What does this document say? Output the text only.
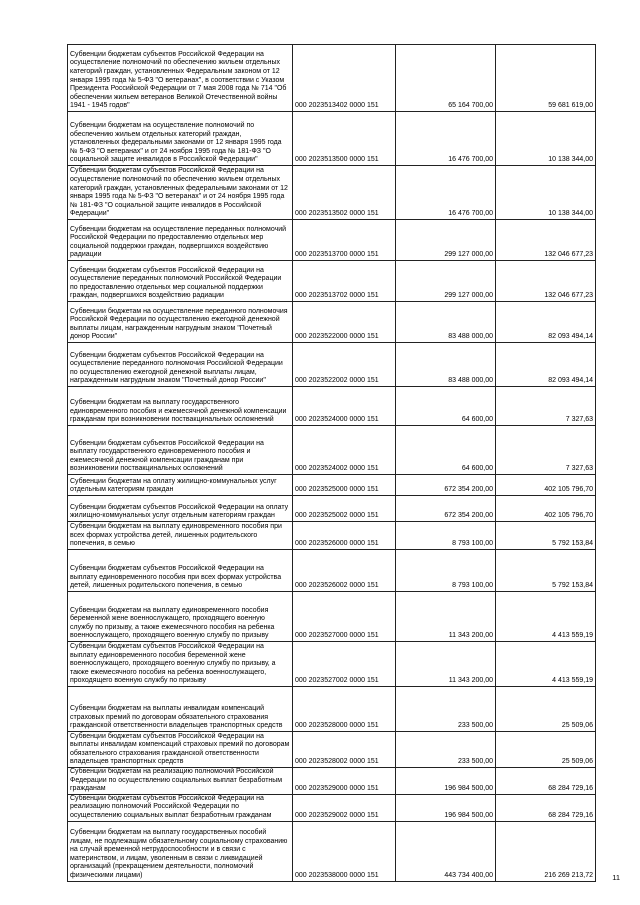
Субвенции бюджетам субъектов Российской Федерации на осуществление полномочий по обеспечению жильем отдельных категорий граждан, установленных Федеральным законом от 12 января 1995 года № 5-ФЗ "О ветеранах", в соответствии с Указом Президента Российской Федерации от 7 мая 2008 года № 714 "Об обеспечении жильем ветеранов Великой Отечественной войны 1941 - 1945 годов"	000 2023513402 0000 151	65 164 700,00	59 681 619,00
Субвенции бюджетам на осуществление полномочий по обеспечению жильем отдельных категорий граждан, установленных федеральными законами от 12 января 1995 года № 5-ФЗ "О ветеранах" и от 24 ноября 1995 года № 181-ФЗ "О социальной защите инвалидов в Российской Федерации"	000 2023513500 0000 151	16 476 700,00	10 138 344,00
Субвенции бюджетам субъектов Российской Федерации на осуществление полномочий по обеспечению жильем отдельных категорий граждан, установленных федеральными законами от 12 января 1995 года № 5-ФЗ "О ветеранах" и от 24 ноября 1995 года № 181-ФЗ "О социальной защите инвалидов в Российской Федерации"	000 2023513502 0000 151	16 476 700,00	10 138 344,00
Субвенции бюджетам на осуществление переданных полномочий Российской Федерации по предоставлению отдельных мер социальной поддержки граждан, подвергшихся воздействию радиации	000 2023513700 0000 151	299 127 000,00	132 046 677,23
Субвенции бюджетам субъектов Российской Федерации на осуществление переданных полномочий Российской Федерации по предоставлению отдельных мер социальной поддержки граждан, подвергшихся воздействию радиации	000 2023513702 0000 151	299 127 000,00	132 046 677,23
Субвенции бюджетам на осуществление переданного полномочия Российской Федерации по осуществлению ежегодной денежной выплаты лицам, награжденным нагрудным знаком "Почетный донор России"	000 2023522000 0000 151	83 488 000,00	82 093 494,14
Субвенции бюджетам субъектов Российской Федерации на осуществление переданного полномочия Российской Федерации по осуществлению ежегодной денежной выплаты лицам, награжденным нагрудным знаком "Почетный донор России"	000 2023522002 0000 151	83 488 000,00	82 093 494,14
Субвенции бюджетам на выплату государственного единовременного пособия и ежемесячной денежной компенсации гражданам при возникновении поствакцинальных осложнений	000 2023524000 0000 151	64 600,00	7 327,63
Субвенции бюджетам субъектов Российской Федерации на выплату государственного единовременного пособия и ежемесячной денежной компенсации гражданам при возникновении поствакцинальных осложнений	000 2023524002 0000 151	64 600,00	7 327,63
Субвенции бюджетам на оплату жилищно-коммунальных услуг отдельным категориям граждан	000 2023525000 0000 151	672 354 200,00	402 105 796,70
Субвенции бюджетам субъектов Российской Федерации на оплату жилищно-коммунальных услуг отдельным категориям граждан	000 2023525002 0000 151	672 354 200,00	402 105 796,70
Субвенции бюджетам на выплату единовременного пособия при всех формах устройства детей, лишенных родительского попечения, в семью	000 2023526000 0000 151	8 793 100,00	5 792 153,84
Субвенции бюджетам субъектов Российской Федерации на выплату единовременного пособия при всех формах устройства детей, лишенных родительского попечения, в семью	000 2023526002 0000 151	8 793 100,00	5 792 153,84
Субвенции бюджетам на выплату единовременного пособия беременной жене военнослужащего, проходящего военную службу по призыву, а также ежемесячного пособия на ребенка военнослужащего, проходящего военную службу по призыву	000 2023527000 0000 151	11 343 200,00	4 413 559,19
Субвенции бюджетам субъектов Российской Федерации на выплату единовременного пособия беременной жене военнослужащего, проходящего военную службу по призыву, а также ежемесячного пособия на ребенка военнослужащего, проходящего военную службу по призыву	000 2023527002 0000 151	11 343 200,00	4 413 559,19
Субвенции бюджетам на выплаты инвалидам компенсаций страховых премий по договорам обязательного страхования гражданской ответственности владельцев транспортных средств	000 2023528000 0000 151	233 500,00	25 509,06
Субвенции бюджетам субъектов Российской Федерации на выплаты инвалидам компенсаций страховых премий по договорам обязательного страхования гражданской ответственности владельцев транспортных средств	000 2023528002 0000 151	233 500,00	25 509,06
Субвенции бюджетам на реализацию полномочий Российской Федерации по осуществлению социальных выплат безработным гражданам	000 2023529000 0000 151	196 984 500,00	68 284 729,16
Субвенции бюджетам субъектов Российской Федерации на реализацию полномочий Российской Федерации по осуществлению социальных выплат безработным гражданам	000 2023529002 0000 151	196 984 500,00	68 284 729,16
Субвенции бюджетам на выплату государственных пособий лицам, не подлежащим обязательному социальному страхованию на случай временной нетрудоспособности и в связи с материнством, и лицам, уволенным в связи с ликвидацией организаций (прекращением деятельности, полномочий физическими лицами)	000 2023538000 0000 151	443 734 400,00	216 269 213,72	11
